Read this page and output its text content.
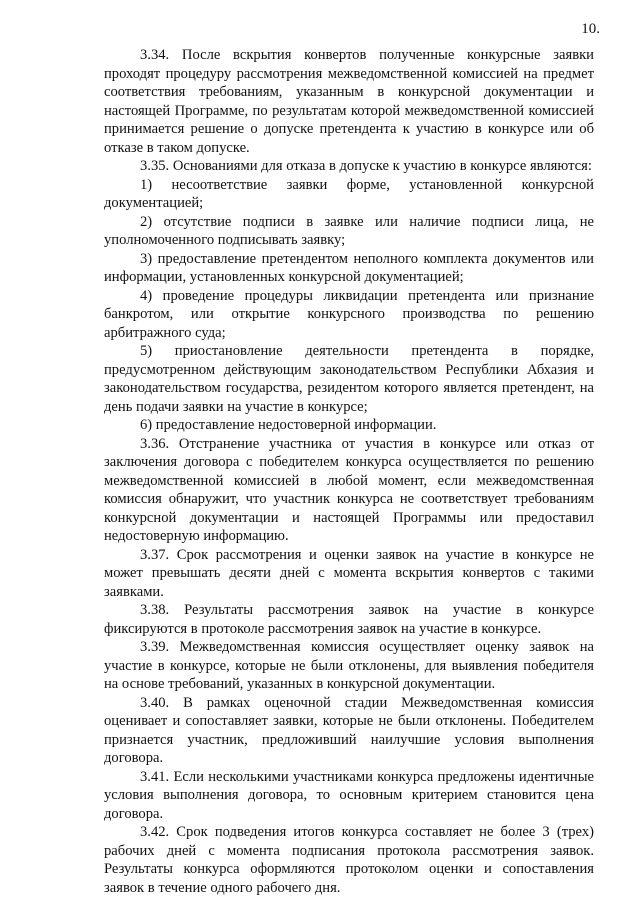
10.

3.34. После вскрытия конвертов полученные конкурсные заявки проходят процедуру рассмотрения межведомственной комиссией на предмет соответствия требованиям, указанным в конкурсной документации и настоящей Программе, по результатам которой межведомственной комиссией принимается решение о допуске претендента к участию в конкурсе или об отказе в таком допуске.

3.35. Основаниями для отказа в допуске к участию в конкурсе являются:

1) несоответствие заявки форме, установленной конкурсной документацией;

2) отсутствие подписи в заявке или наличие подписи лица, не уполномоченного подписывать заявку;

3) предоставление претендентом неполного комплекта документов или информации, установленных конкурсной документацией;

4) проведение процедуры ликвидации претендента или признание банкротом, или открытие конкурсного производства по решению арбитражного суда;

5) приостановление деятельности претендента в порядке, предусмотренном действующим законодательством Республики Абхазия и законодательством государства, резидентом которого является претендент, на день подачи заявки на участие в конкурсе;

6) предоставление недостоверной информации.

3.36. Отстранение участника от участия в конкурсе или отказ от заключения договора с победителем конкурса осуществляется по решению межведомственной комиссией в любой момент, если межведомственная комиссия обнаружит, что участник конкурса не соответствует требованиям конкурсной документации и настоящей Программы или предоставил недостоверную информацию.

3.37. Срок рассмотрения и оценки заявок на участие в конкурсе не может превышать десяти дней с момента вскрытия конвертов с такими заявками.

3.38. Результаты рассмотрения заявок на участие в конкурсе фиксируются в протоколе рассмотрения заявок на участие в конкурсе.

3.39. Межведомственная комиссия осуществляет оценку заявок на участие в конкурсе, которые не были отклонены, для выявления победителя на основе требований, указанных в конкурсной документации.

3.40. В рамках оценочной стадии Межведомственная комиссия оценивает и сопоставляет заявки, которые не были отклонены. Победителем признается участник, предложивший наилучшие условия выполнения договора.

3.41. Если несколькими участниками конкурса предложены идентичные условия выполнения договора, то основным критерием становится цена договора.

3.42. Срок подведения итогов конкурса составляет не более 3 (трех) рабочих дней с момента подписания протокола рассмотрения заявок. Результаты конкурса оформляются протоколом оценки и сопоставления заявок в течение одного рабочего дня.
